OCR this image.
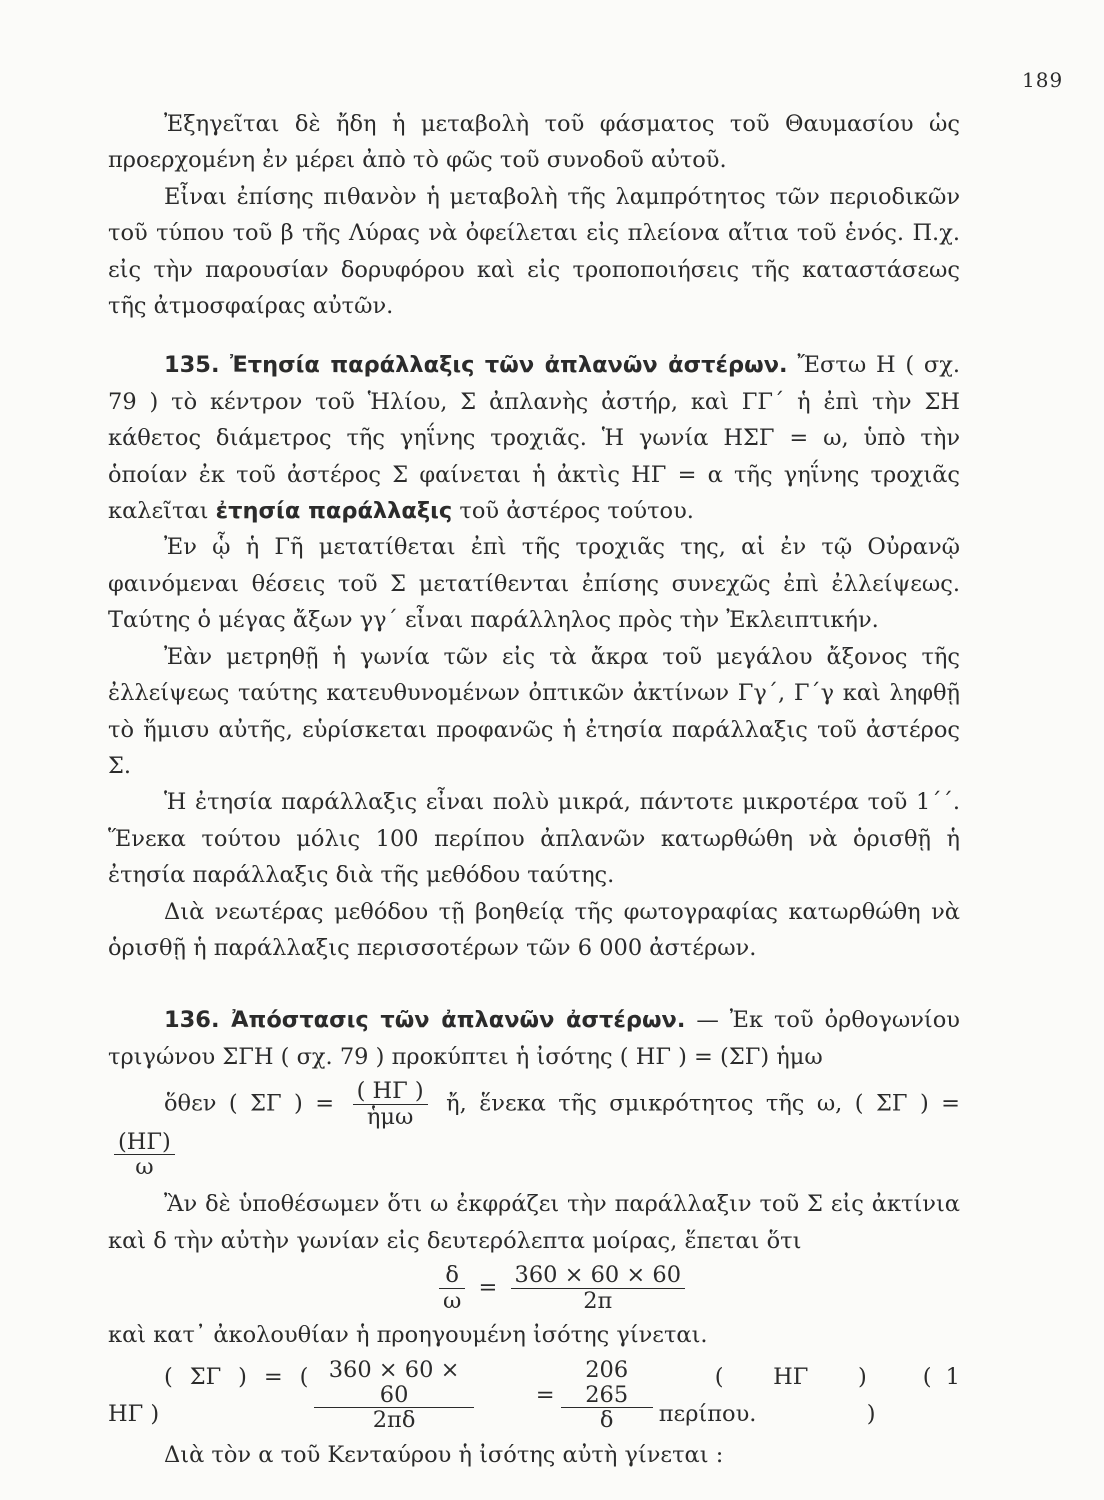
189

Ἐξηγεῖται δὲ ἤδη ἡ μεταβολὴ τοῦ φάσματος τοῦ Θαυμασίου ὡς προερχομένη ἐν μέρει ἀπὸ τὸ φῶς τοῦ συνοδοῦ αὐτοῦ.

Εἶναι ἐπίσης πιθανὸν ἡ μεταβολὴ τῆς λαμπρότητος τῶν περιοδικῶν τοῦ τύπου τοῦ β τῆς Λύρας νὰ ὀφείλεται εἰς πλείονα αἴτια τοῦ ἑνός. Π.χ. εἰς τὴν παρουσίαν δορυφόρου καὶ εἰς τροποποιήσεις τῆς καταστάσεως τῆς ἀτμοσφαίρας αὐτῶν.

135. Ἐτησία παράλλαξις τῶν ἀπλανῶν ἀστέρων. Ἔστω Η ( σχ. 79 ) τὸ κέντρον τοῦ Ἡλίου, Σ ἀπλανὴς ἀστήρ, καὶ ΓΓ΄ ἡ ἐπὶ τὴν ΣΗ κάθετος διάμετρος τῆς γηΐνης τροχιᾶς. Ἡ γωνία ΗΣΓ = ω, ὑπὸ τὴν ὁποίαν ἐκ τοῦ ἀστέρος Σ φαίνεται ἡ ἀκτὶς ΗΓ = α τῆς γηΐνης τροχιᾶς καλεῖται ἐτησία παράλλαξις τοῦ ἀστέρος τούτου.

Ἐν ᾧ ἡ Γῆ μετατίθεται ἐπὶ τῆς τροχιᾶς της, αἱ ἐν τῷ Οὐρανῷ φαινόμεναι θέσεις τοῦ Σ μετατίθενται ἐπίσης συνεχῶς ἐπὶ ἐλλείψεως. Ταύτης ὁ μέγας ἄξων γγ΄ εἶναι παράλληλος πρὸς τὴν Ἐκλειπτικήν.

Ἐὰν μετρηθῇ ἡ γωνία τῶν εἰς τὰ ἄκρα τοῦ μεγάλου ἄξονος τῆς ἐλλείψεως ταύτης κατευθυνομένων ὀπτικῶν ἀκτίνων Γγ΄, Γ΄γ καὶ ληφθῇ τὸ ἥμισυ αὐτῆς, εὑρίσκεται προφανῶς ἡ ἐτησία παράλλαξις τοῦ ἀστέρος Σ.

Ἡ ἐτησία παράλλαξις εἶναι πολὺ μικρά, πάντοτε μικροτέρα τοῦ 1΄΄. Ἕνεκα τούτου μόλις 100 περίπου ἀπλανῶν κατωρθώθη νὰ ὁρισθῇ ἡ ἐτησία παράλλαξις διὰ τῆς μεθόδου ταύτης.

Διὰ νεωτέρας μεθόδου τῇ βοηθείᾳ τῆς φωτογραφίας κατωρθώθη νὰ ὁρισθῇ ἡ παράλλαξις περισσοτέρων τῶν 6 000 ἀστέρων.

136. Ἀπόστασις τῶν ἀπλανῶν ἀστέρων. — Ἐκ τοῦ ὀρθογωνίου τριγώνου ΣΓΗ ( σχ. 79 ) προκύπτει ἡ ἰσότης ( ΗΓ ) = (ΣΓ) ἡμω

ὅθεν ( ΣΓ ) = $\frac{( H\Gamma )}{\text{ἡμω}}$ ἤ, ἕνεκα τῆς σμικρότητος τῆς ω, ( ΣΓ ) =
$\frac{(H\Gamma)}{\omega}$

Ἂν δὲ ὑποθέσωμεν ὅτι ω ἐκφράζει τὴν παράλλαξιν τοῦ Σ εἰς ἀκτίνια καὶ δ τὴν αὐτὴν γωνίαν εἰς δευτερόλεπτα μοίρας, ἕπεται ὅτι

$\frac{\delta}{\omega} = \frac{360 \times 60 \times 60}{2\pi}$

καὶ κατ᾽ ἀκολουθίαν ἡ προηγουμένη ἰσότης γίνεται.

( ΣΓ ) = ( ΗΓ )	$\frac{360 \times 60 \times 60}{2\pi\delta}$	= $\frac{206 265}{\delta}$	( ΗΓ ) περίπου.
( 1 )

Διὰ τὸν α τοῦ Κενταύρου ἡ ἰσότης αὐτὴ γίνεται :
